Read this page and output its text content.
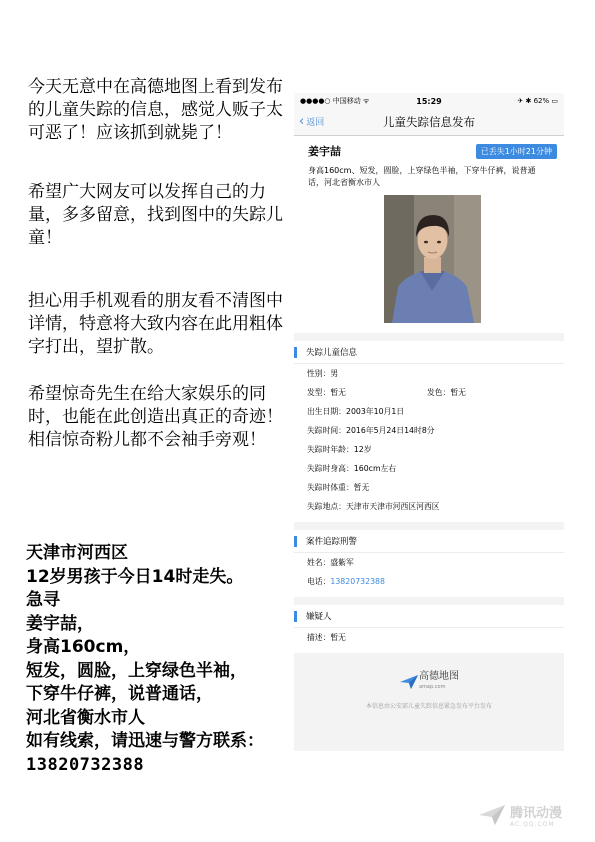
今天无意中在高德地图上看到发布的儿童失踪的信息，感觉人贩子太可恶了！应该抓到就毙了！

希望广大网友可以发挥自己的力量，多多留意，找到图中的失踪儿童！

担心用手机观看的朋友看不清图中详情，特意将大致内容在此用粗体字打出，望扩散。

希望惊奇先生在给大家娱乐的同时，也能在此创造出真正的奇迹！相信惊奇粉儿都不会袖手旁观！

天津市河西区
12岁男孩于今日14时走失。
急寻
姜宇喆，
身高160cm，
短发，圆脸，上穿绿色半袖，
下穿牛仔裤，说普通话，
河北省衡水市人
如有线索，请迅速与警方联系：
13820732388
●●●●○ 中国移动 ᯤ	15:29	✈ ✱ 62% ▭
‹ 返回	儿童失踪信息发布
姜宇喆	已丢失1小时21分钟
身高160cm、短发，圆脸，上穿绿色半袖，下穿牛仔裤，说普通话，河北省衡水市人
失踪儿童信息
性别： 男
发型： 暂无	发色： 暂无
出生日期： 2003年10月1日
失踪时间： 2016年5月24日14时8分
失踪时年龄： 12岁
失踪时身高： 160cm左右
失踪时体重： 暂无
失踪地点： 天津市天津市河西区河西区
案件追踪刑警
姓名： 盛紫军
电话： 13820732388
嫌疑人
描述： 暂无
高德地图
amap.com
本信息由公安部儿童失踪信息紧急发布平台发布
腾讯动漫
AC.QQ.COM
